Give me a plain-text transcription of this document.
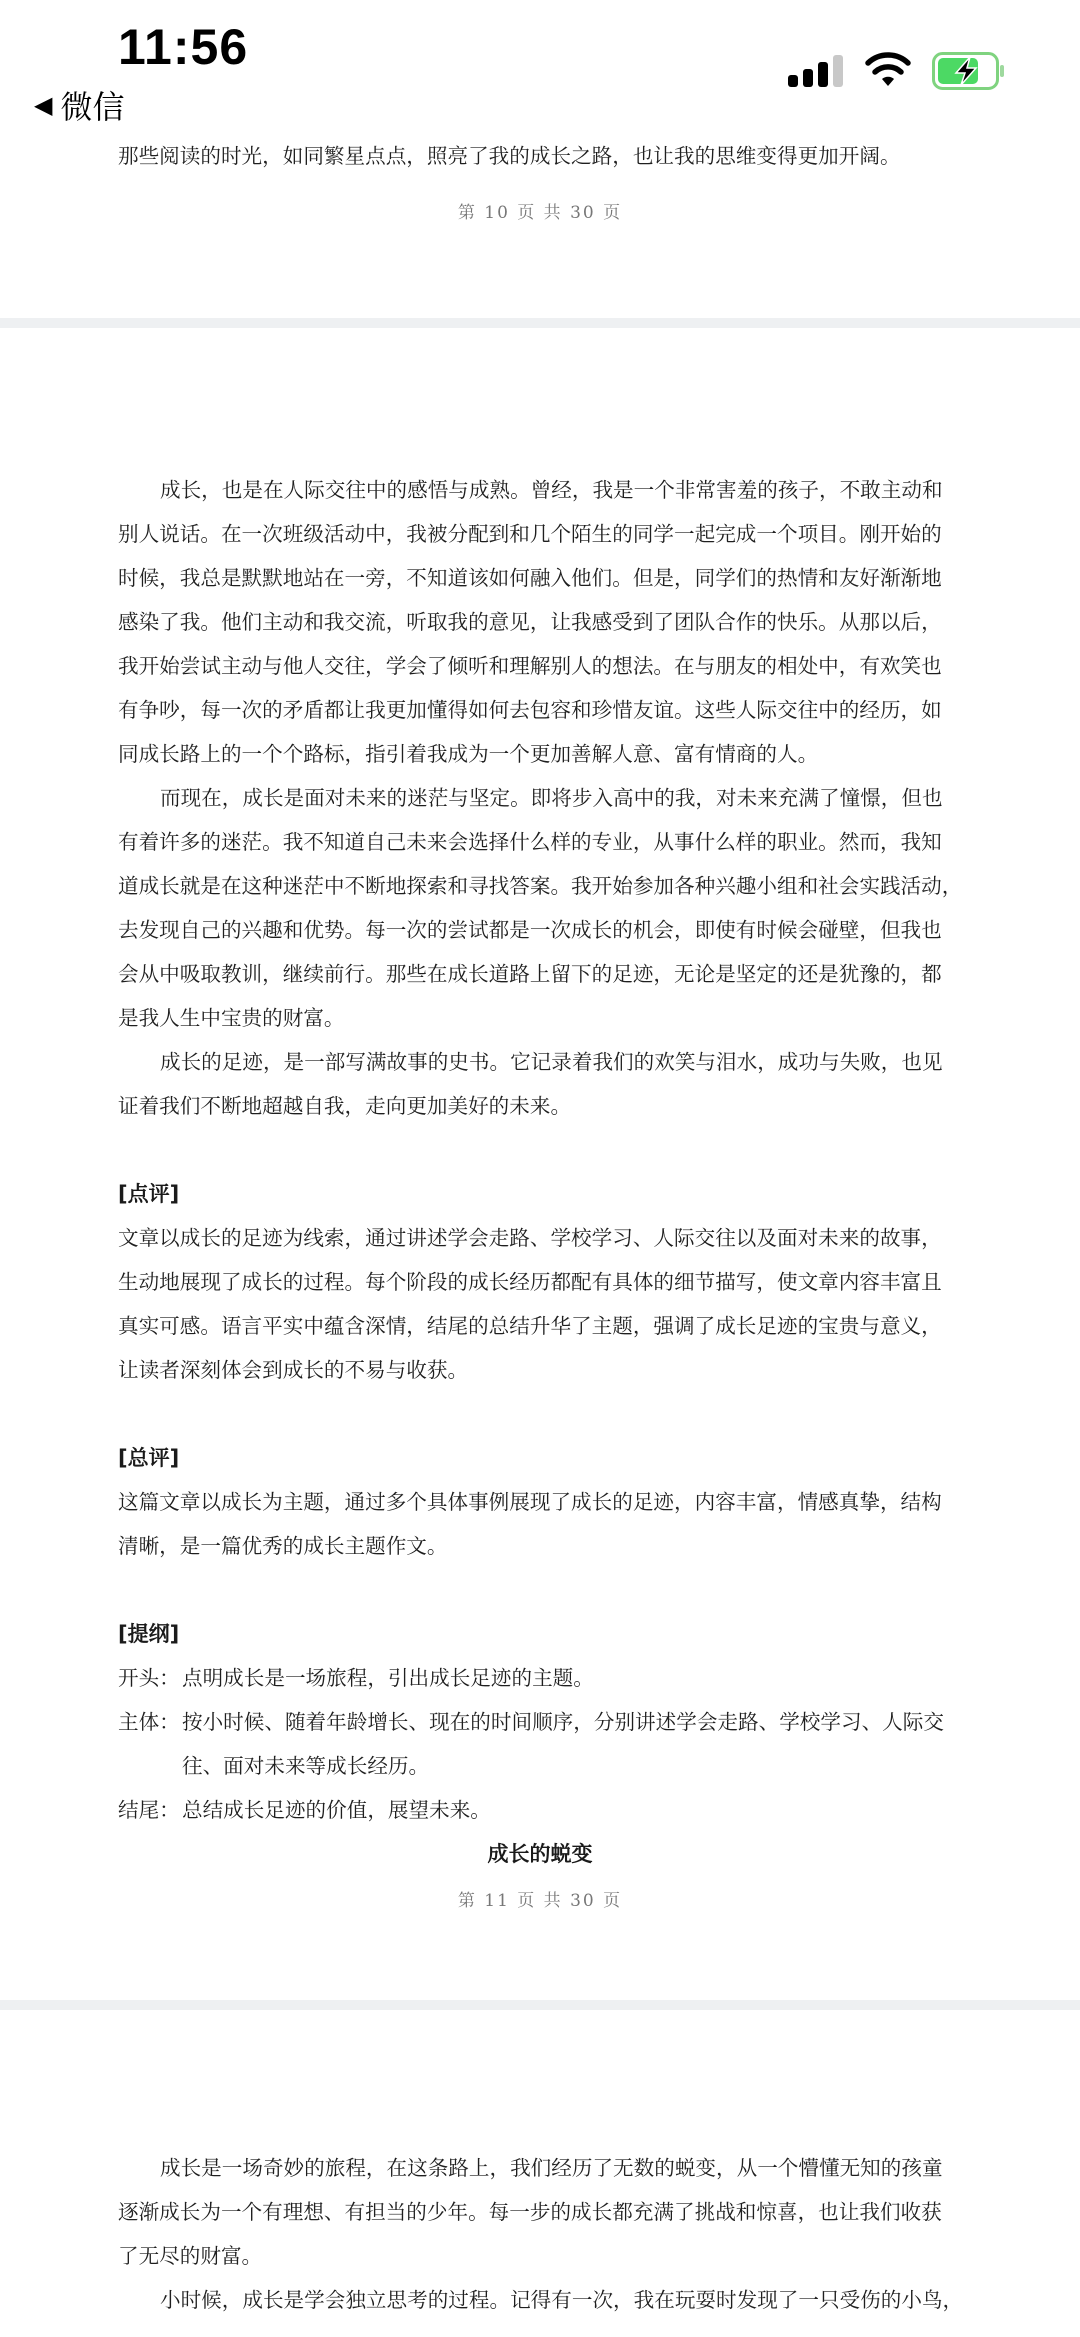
那些阅读的时光，如同繁星点点，照亮了我的成长之路，也让我的思维变得更加开阔。
第 10 页 共 30 页
成长，也是在人际交往中的感悟与成熟。曾经，我是一个非常害羞的孩子，不敢主动和
别人说话。在一次班级活动中，我被分配到和几个陌生的同学一起完成一个项目。刚开始的
时候，我总是默默地站在一旁，不知道该如何融入他们。但是，同学们的热情和友好渐渐地
感染了我。他们主动和我交流，听取我的意见，让我感受到了团队合作的快乐。从那以后，
我开始尝试主动与他人交往，学会了倾听和理解别人的想法。在与朋友的相处中，有欢笑也
有争吵，每一次的矛盾都让我更加懂得如何去包容和珍惜友谊。这些人际交往中的经历，如
同成长路上的一个个路标，指引着我成为一个更加善解人意、富有情商的人。
而现在，成长是面对未来的迷茫与坚定。即将步入高中的我，对未来充满了憧憬，但也
有着许多的迷茫。我不知道自己未来会选择什么样的专业，从事什么样的职业。然而，我知
道成长就是在这种迷茫中不断地探索和寻找答案。我开始参加各种兴趣小组和社会实践活动，
去发现自己的兴趣和优势。每一次的尝试都是一次成长的机会，即使有时候会碰壁，但我也
会从中吸取教训，继续前行。那些在成长道路上留下的足迹，无论是坚定的还是犹豫的，都
是我人生中宝贵的财富。
成长的足迹，是一部写满故事的史书。它记录着我们的欢笑与泪水，成功与失败，也见
证着我们不断地超越自我，走向更加美好的未来。
[点评]
文章以成长的足迹为线索，通过讲述学会走路、学校学习、人际交往以及面对未来的故事，
生动地展现了成长的过程。每个阶段的成长经历都配有具体的细节描写，使文章内容丰富且
真实可感。语言平实中蕴含深情，结尾的总结升华了主题，强调了成长足迹的宝贵与意义，
让读者深刻体会到成长的不易与收获。
[总评]
这篇文章以成长为主题，通过多个具体事例展现了成长的足迹，内容丰富，情感真挚，结构
清晰，是一篇优秀的成长主题作文。
[提纲]
开头： 点明成长是一场旅程，引出成长足迹的主题。
主体： 按小时候、随着年龄增长、现在的时间顺序，分别讲述学会走路、学校学习、人际交
往、面对未来等成长经历。
结尾： 总结成长足迹的价值，展望未来。
成长的蜕变
第 11 页 共 30 页
成长是一场奇妙的旅程，在这条路上，我们经历了无数的蜕变，从一个懵懂无知的孩童
逐渐成长为一个有理想、有担当的少年。每一步的成长都充满了挑战和惊喜，也让我们收获
了无尽的财富。
小时候，成长是学会独立思考的过程。记得有一次，我在玩耍时发现了一只受伤的小鸟，
11:56
◀ 微信
